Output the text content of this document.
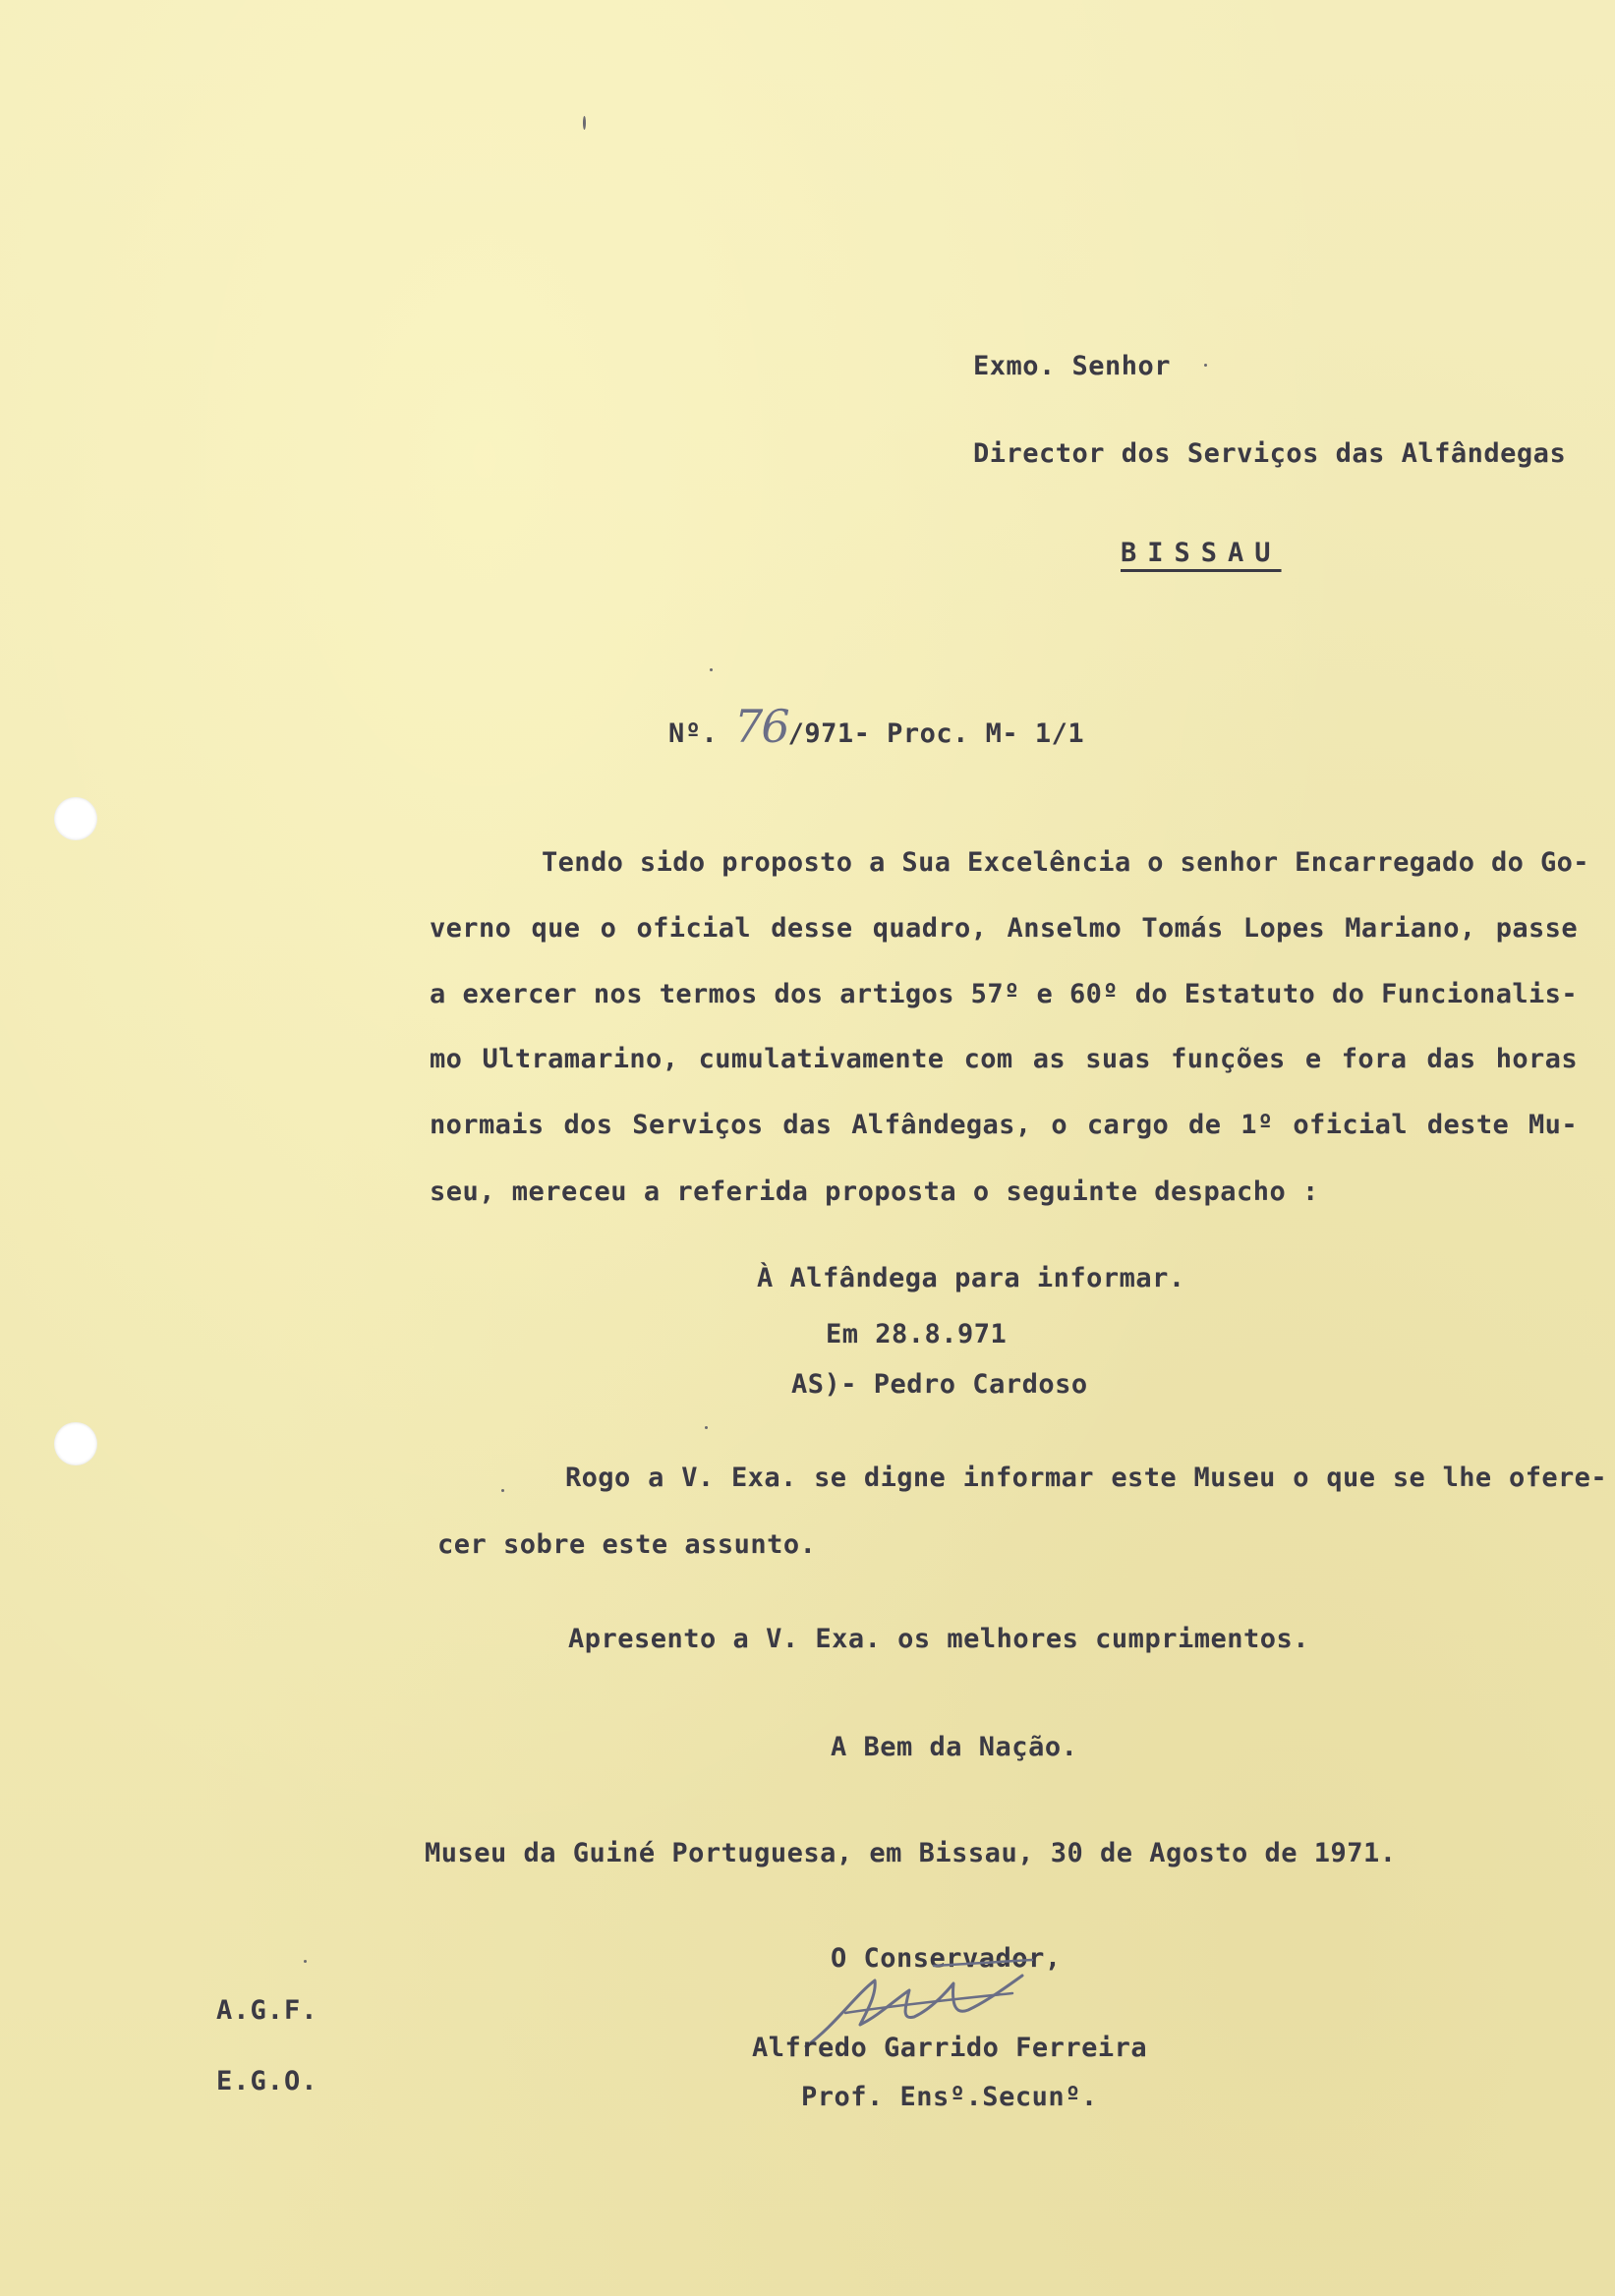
Exmo. Senhor
Director dos Serviços das Alfândegas
BISSAU
Nº. 76/971- Proc. M- 1/1
Tendo sido proposto a Sua Excelência o senhor Encarregado do Go-
verno que o oficial desse quadro, Anselmo Tomás Lopes Mariano, passe
a exercer nos termos dos artigos 57º e 60º do Estatuto do Funcionalis-
mo Ultramarino, cumulativamente com as suas funções e fora das horas
normais dos Serviços das Alfândegas, o cargo de 1º oficial deste Mu-
seu, mereceu a referida proposta o seguinte despacho :
À Alfândega para informar.
Em 28.8.971
AS)- Pedro Cardoso
Rogo a V. Exa. se digne informar este Museu o que se lhe ofere-
cer sobre este assunto.
Apresento a V. Exa. os melhores cumprimentos.
A Bem da Nação.
Museu da Guiné Portuguesa, em Bissau, 30 de Agosto de 1971.
O Conservador,
Alfredo Garrido Ferreira
Prof. Ensº.Secunº.
A.G.F.
E.G.O.
